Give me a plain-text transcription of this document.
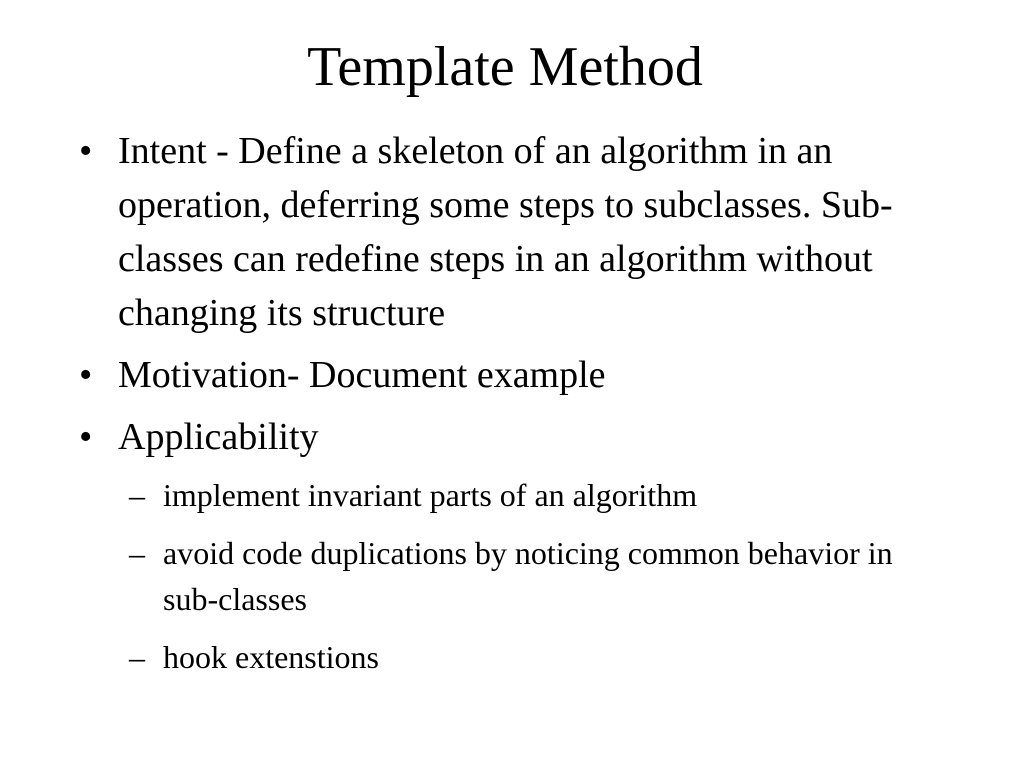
Template Method
• Intent - Define a skeleton of an algorithm in an operation, deferring some steps to subclasses. Sub-classes can redefine steps in an algorithm without changing its structure
• Motivation- Document example
• Applicability
– implement invariant parts of an algorithm
– avoid code duplications by noticing common behavior in sub-classes
– hook extenstions
